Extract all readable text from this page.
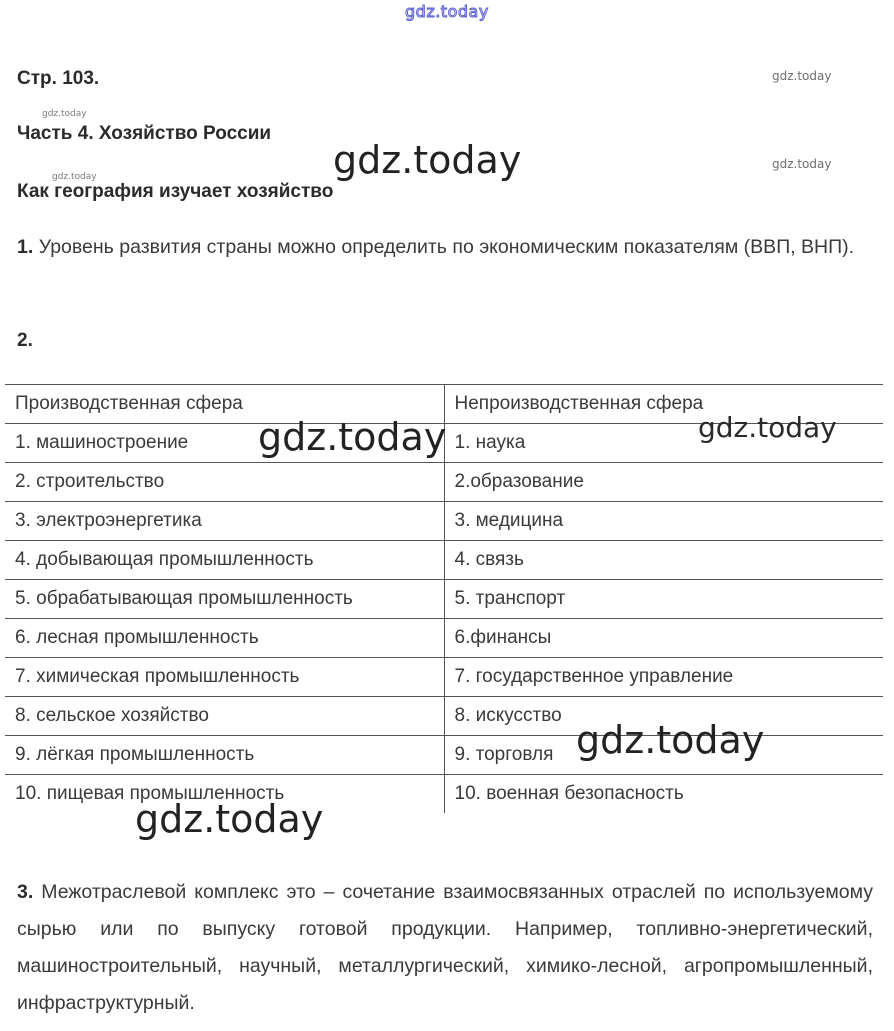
gdz.today
Стр. 103.	gdz.today
gdz.today
Часть 4. Хозяйство России
gdz.today	gdz.today
gdz.today
Как география изучает хозяйство
1. Уровень развития страны можно определить по экономическим показателям (ВВП, ВНП).
2.
Производственная сфера	Непроизводственная сфера
1. машиностроение	1. наука
2. строительство	2.образование
3. электроэнергетика	3. медицина
4. добывающая промышленность	4. связь
5. обрабатывающая промышленность	5. транспорт
6. лесная промышленность	6.финансы
7. химическая промышленность	7. государственное управление
8. сельское хозяйство	8. искусство
9. лёгкая промышленность	9. торговля
10. пищевая промышленность	10. военная безопасность
gdz.today	gdz.today
gdz.today
gdz.today
3. Межотраслевой комплекс это – сочетание взаимосвязанных отраслей по используемому сырью или по выпуску готовой продукции. Например, топливно-энергетический, машиностроительный, научный, металлургический, химико-лесной, агропромышленный, инфраструктурный.
